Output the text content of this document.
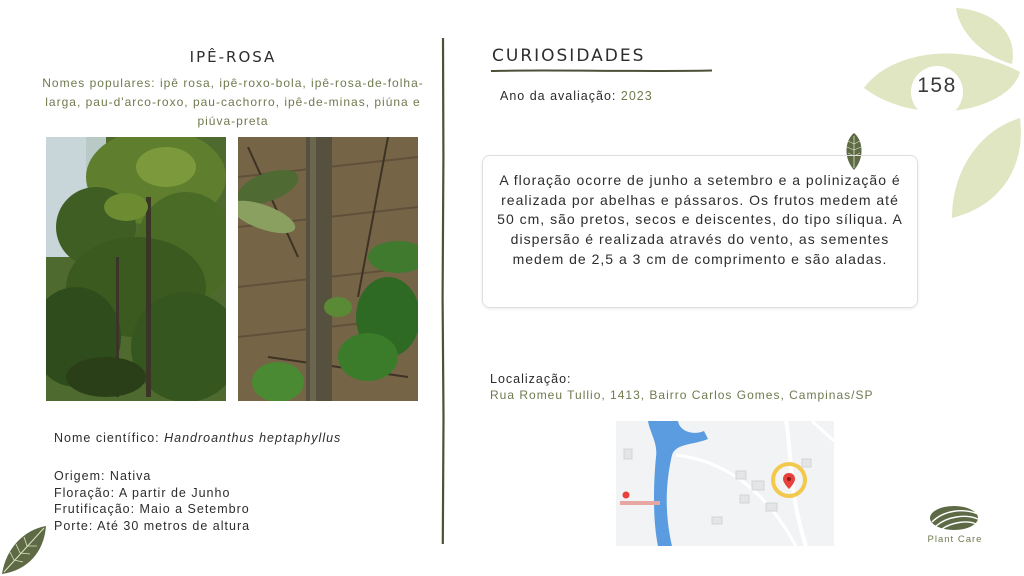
158
IPÊ-ROSA
Nomes populares: ipê rosa, ipê-roxo-bola, ipê-rosa-de-folha-larga, pau-d'arco-roxo, pau-cachorro, ipê-de-minas, piúna e piúva-preta
Nome científico: Handroanthus heptaphyllus
Origem: Nativa
Floração: A partir de Junho
Frutificação: Maio a Setembro
Porte: Até 30 metros de altura
CURIOSIDADES
Ano da avaliação: 2023
A floração ocorre de junho a setembro e a polinização é realizada por abelhas e pássaros. Os frutos medem até 50 cm, são pretos, secos e deiscentes, do tipo síliqua. A dispersão é realizada através do vento, as sementes medem de 2,5 a 3 cm de comprimento e são aladas.
Localização:
Rua Romeu Tullio, 1413, Bairro Carlos Gomes, Campinas/SP
Plant Care
